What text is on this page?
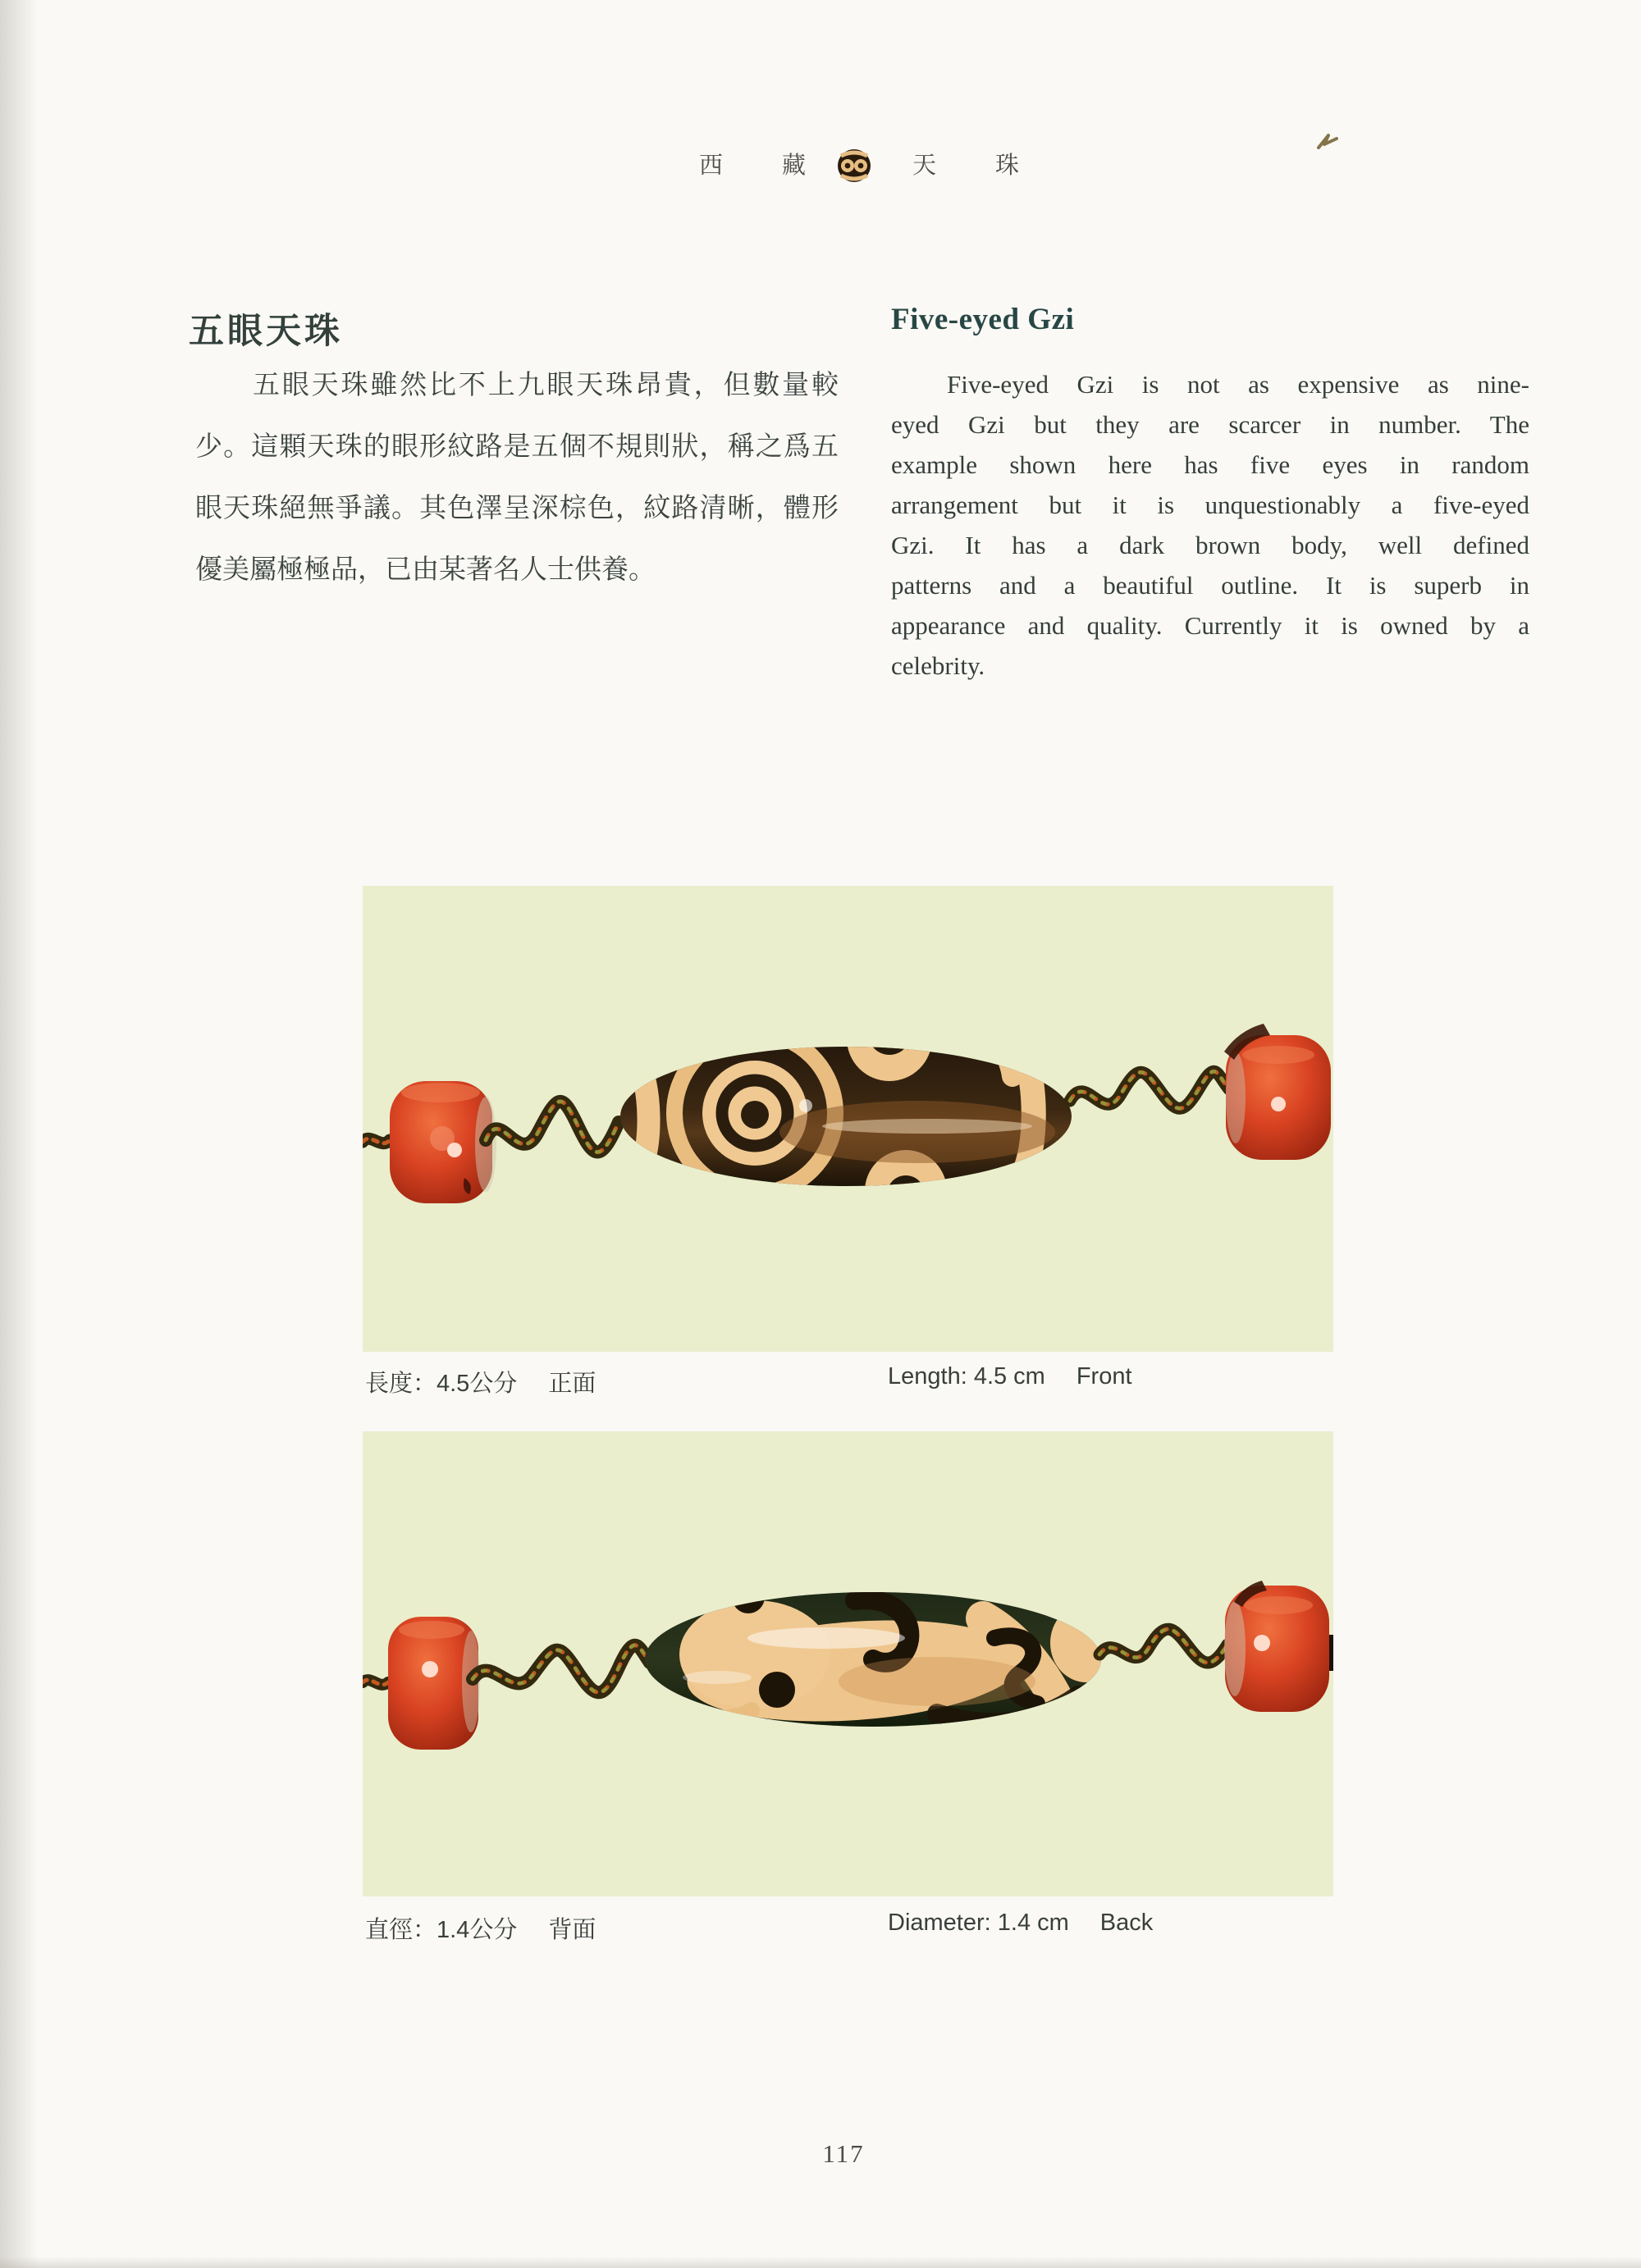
西 藏	天 珠
五眼天珠
五眼天珠雖然比不上九眼天珠昂貴，但數量較
少。這顆天珠的眼形紋路是五個不規則狀，稱之爲五
眼天珠絕無爭議。其色澤呈深棕色，紋路清晰，體形
優美屬極極品，已由某著名人士供養。
Five-eyed Gzi
Five-eyed Gzi is not as expensive as nine-
eyed Gzi but they are scarcer in number. The
example shown here has five eyes in random
arrangement but it is unquestionably a five-eyed
Gzi. It has a dark brown body, well defined
patterns and a beautiful outline. It is superb in
appearance and quality. Currently it is owned by a
celebrity.
長度：4.5公分 正面	Length: 4.5 cm Front
直徑：1.4公分 背面	Diameter: 1.4 cm Back
117
